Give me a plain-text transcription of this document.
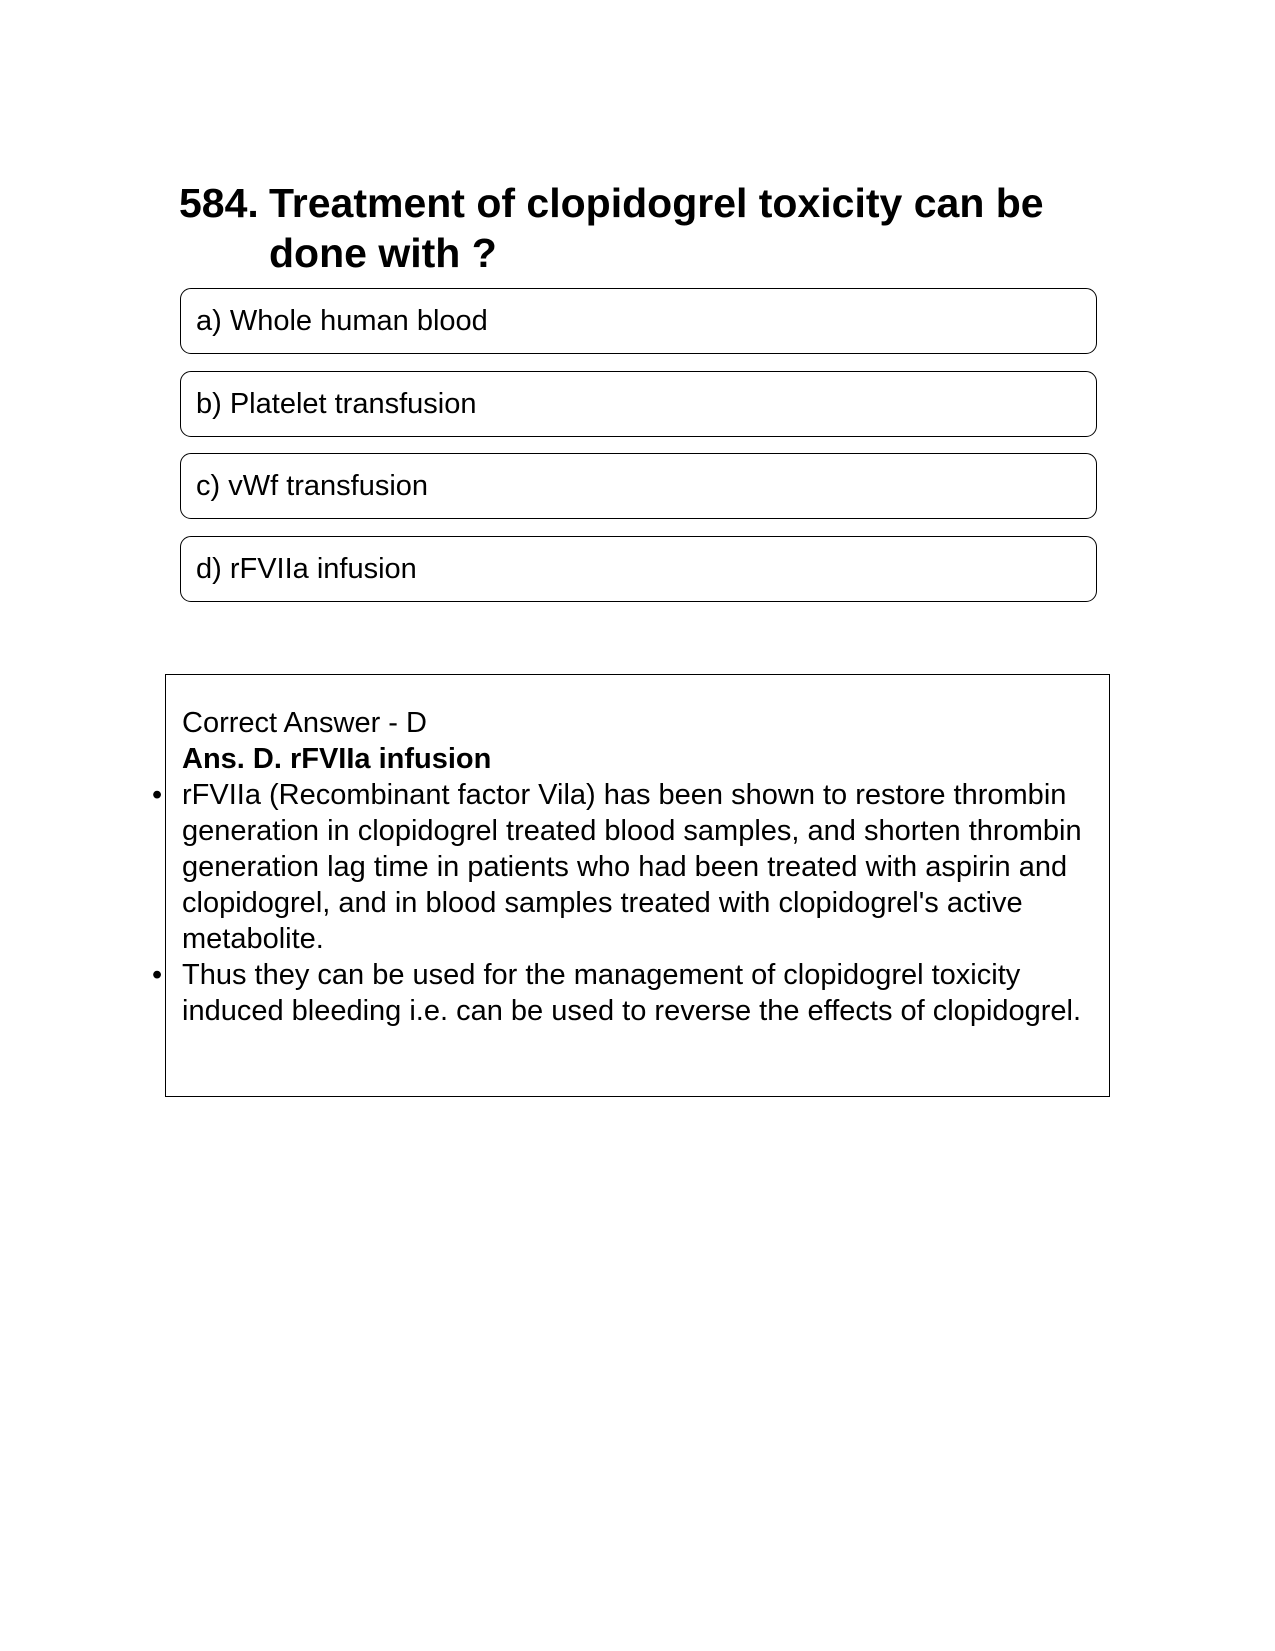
584. Treatment of clopidogrel toxicity can be done with ?
a) Whole human blood
b) Platelet transfusion
c) vWf transfusion
d) rFVIIa infusion
Correct Answer - D
Ans. D. rFVIIa infusion
• rFVIIa (Recombinant factor Vila) has been shown to restore thrombin generation in clopidogrel treated blood samples, and shorten thrombin generation lag time in patients who had been treated with aspirin and clopidogrel, and in blood samples treated with clopidogrel's active metabolite.
• Thus they can be used for the management of clopidogrel toxicity induced bleeding i.e. can be used to reverse the effects of clopidogrel.
